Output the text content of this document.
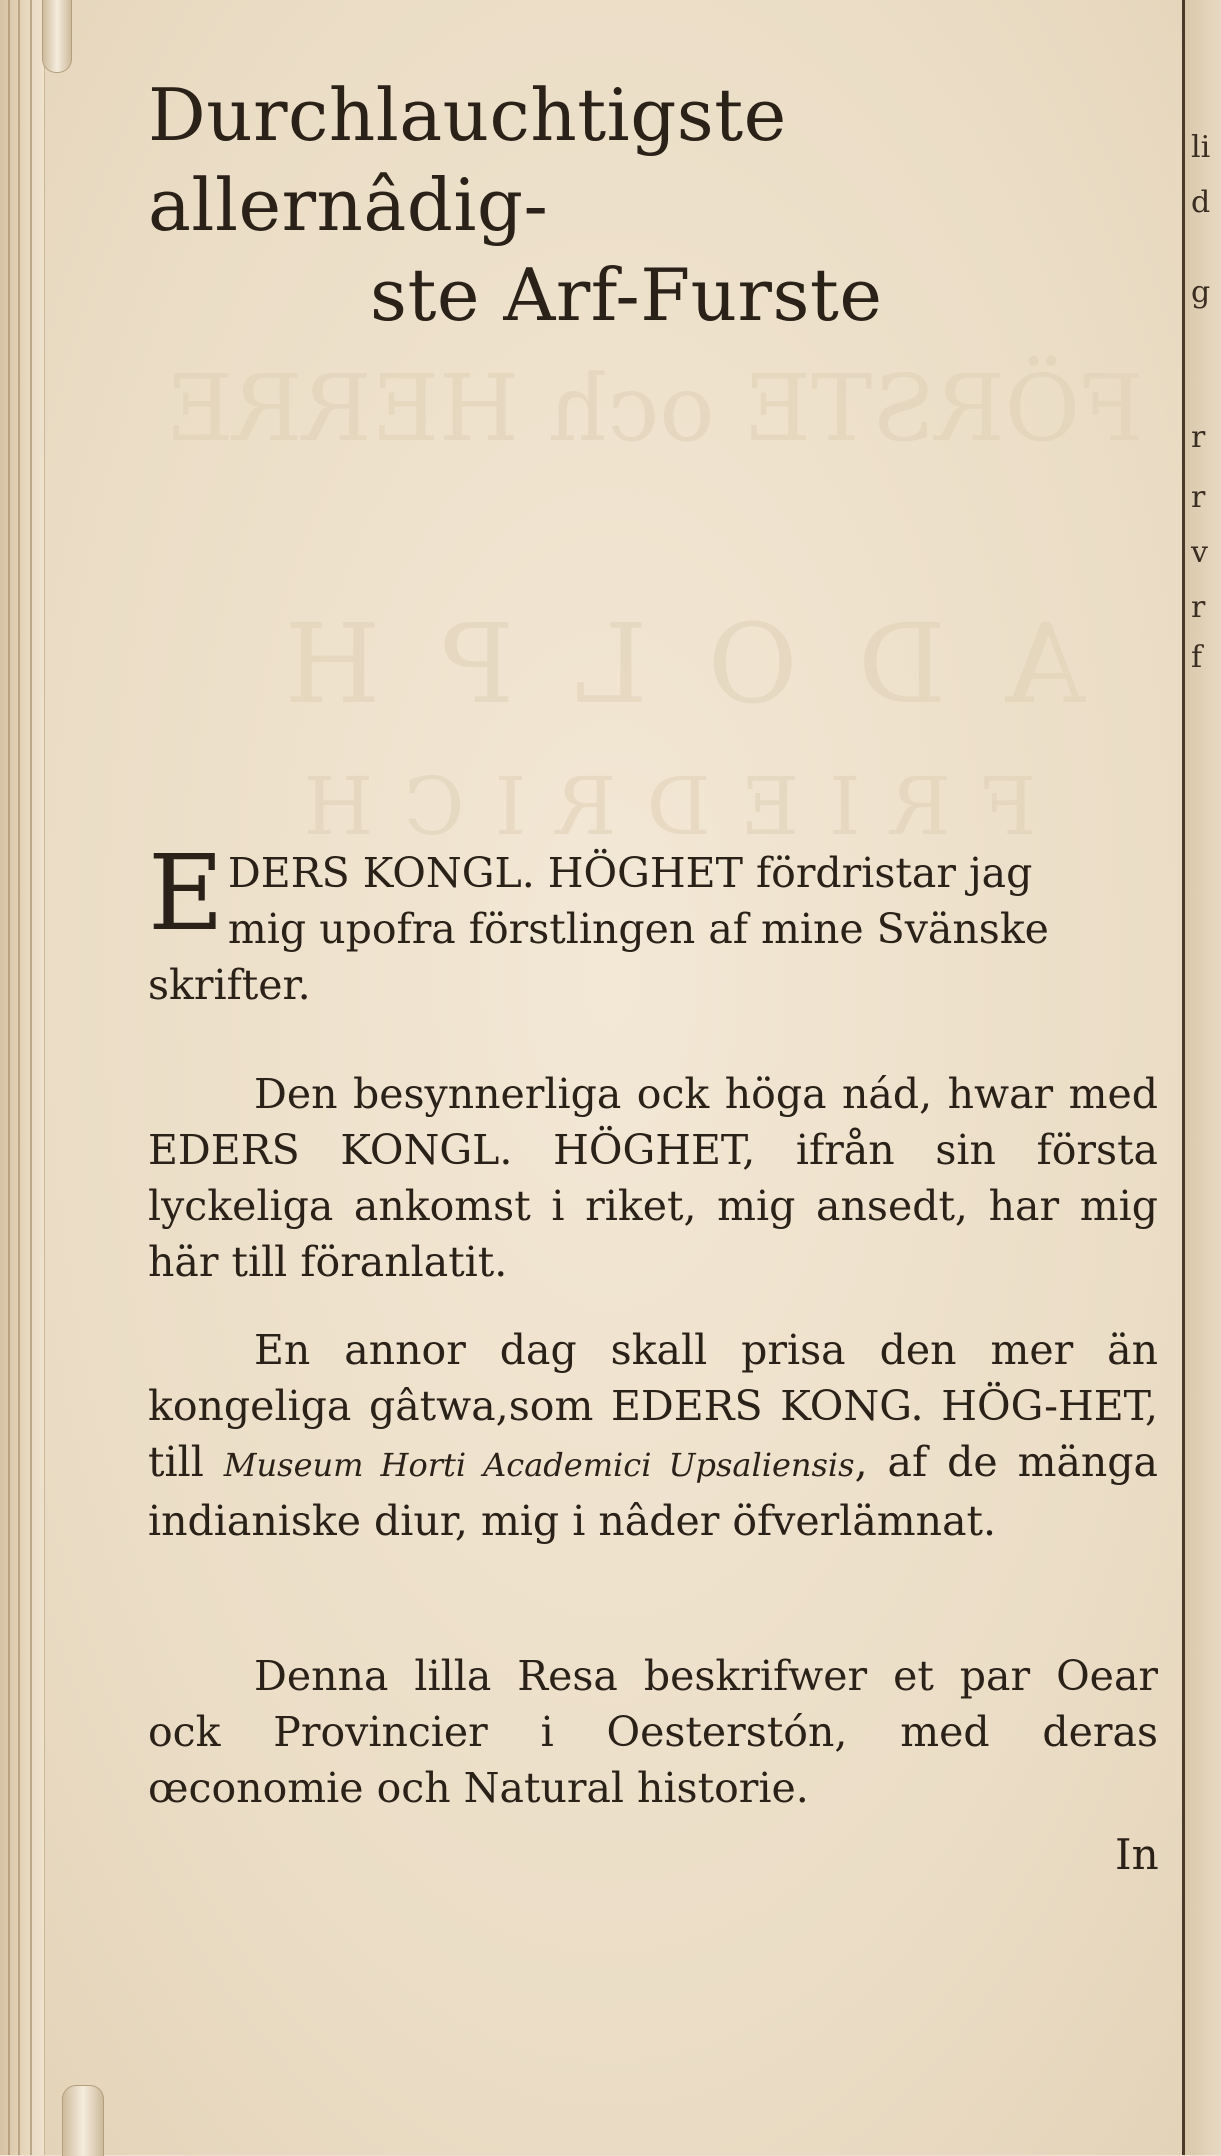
li
d
g
r
r
v
r
f
FÖRSTE och HERRE
ADOLPH
FRIEDRICH
Durchlauchtigste allernâdig-
ste Arf-Furste
E DERS KONGL. HÖGHET fördristar jag
mig upofra förstlingen af mine Svänske skrifter.
Den besynnerliga ock höga nád, hwar med EDERS KONGL. HÖGHET, ifrån sin första lyckeliga ankomst i riket, mig ansedt, har mig här till föranlatit.
En annor dag skall prisa den mer än kongeliga gâtwa,som EDERS KONG. HÖG-HET, till Museum Horti Academici Upsaliensis, af de mänga indianiske diur, mig i nâder öfverlämnat.
Denna lilla Resa beskrifwer et par Oear ock Provincier i Oesterstón, med deras œconomie och Natural historie.
In
